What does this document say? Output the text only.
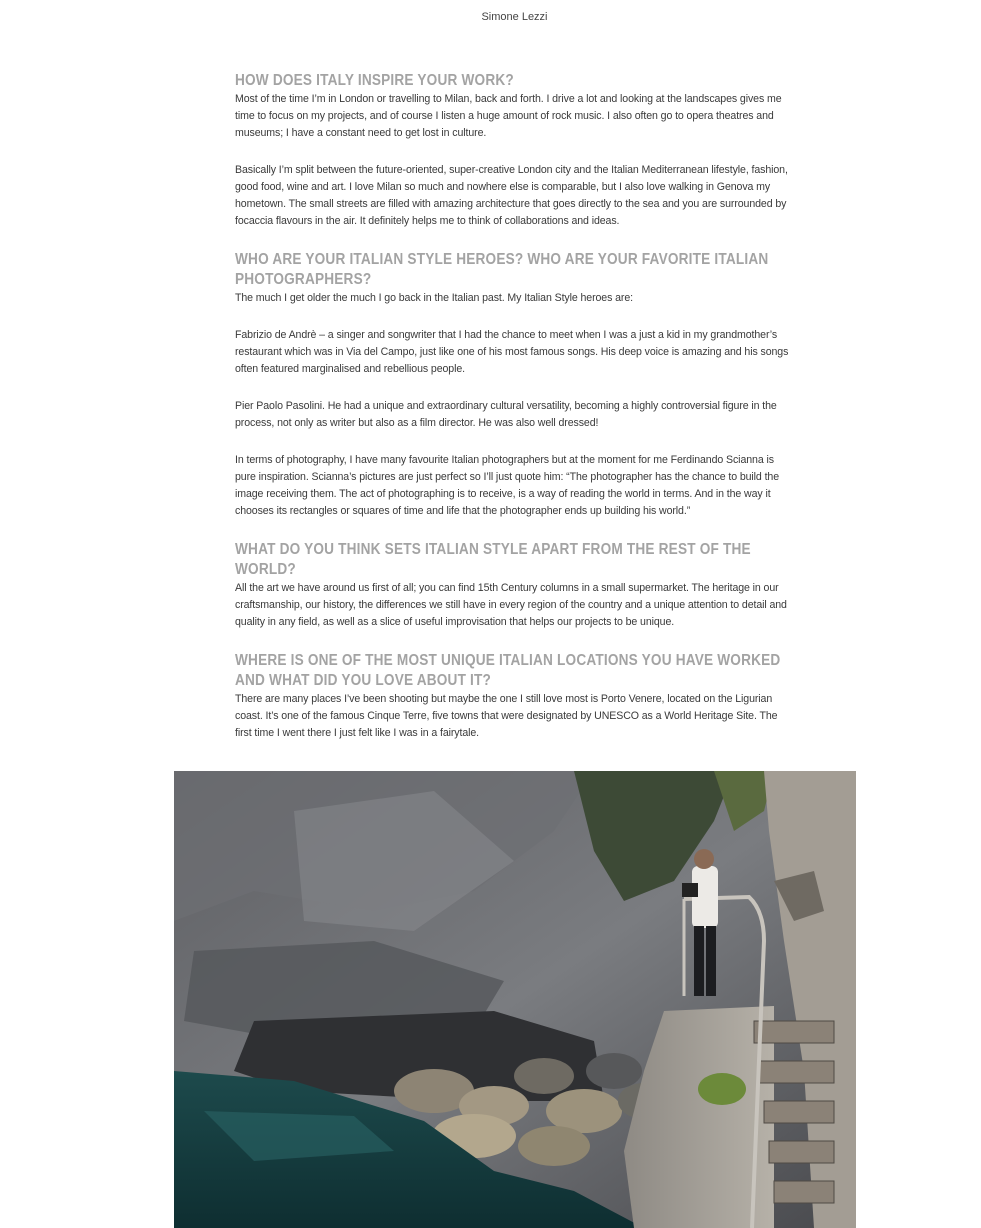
Simone Lezzi
HOW DOES ITALY INSPIRE YOUR WORK?

Most of the time I’m in London or travelling to Milan, back and forth. I drive a lot and looking at the landscapes gives me time to focus on my projects, and of course I listen a huge amount of rock music. I also often go to opera theatres and museums; I have a constant need to get lost in culture.

Basically I’m split between the future-oriented, super-creative London city and the Italian Mediterranean lifestyle, fashion, good food, wine and art. I love Milan so much and nowhere else is comparable, but I also love walking in Genova my hometown. The small streets are filled with amazing architecture that goes directly to the sea and you are surrounded by focaccia flavours in the air. It definitely helps me to think of collaborations and ideas.

WHO ARE YOUR ITALIAN STYLE HEROES? WHO ARE YOUR FAVORITE ITALIAN PHOTOGRAPHERS?

The much I get older the much I go back in the Italian past. My Italian Style heroes are:

Fabrizio de Andrè – a singer and songwriter that I had the chance to meet when I was a just a kid in my grandmother’s restaurant which was in Via del Campo, just like one of his most famous songs. His deep voice is amazing and his songs often featured marginalised and rebellious people.

Pier Paolo Pasolini. He had a unique and extraordinary cultural versatility, becoming a highly controversial figure in the process, not only as writer but also as a film director. He was also well dressed!

In terms of photography, I have many favourite Italian photographers but at the moment for me Ferdinando Scianna is pure inspiration. Scianna’s pictures are just perfect so I’ll just quote him: “The photographer has the chance to build the image receiving them. The act of photographing is to receive, is a way of reading the world in terms. And in the way it chooses its rectangles or squares of time and life that the photographer ends up building his world.”

WHAT DO YOU THINK SETS ITALIAN STYLE APART FROM THE REST OF THE WORLD?

All the art we have around us first of all; you can find 15th Century columns in a small supermarket. The heritage in our craftsmanship, our history, the differences we still have in every region of the country and a unique attention to detail and quality in any field, as well as a slice of useful improvisation that helps our projects to be unique.

WHERE IS ONE OF THE MOST UNIQUE ITALIAN LOCATIONS YOU HAVE WORKED AND WHAT DID YOU LOVE ABOUT IT?

There are many places I’ve been shooting but maybe the one I still love most is Porto Venere, located on the Ligurian coast. It’s one of the famous Cinque Terre, five towns that were designated by UNESCO as a World Heritage Site. The first time I went there I just felt like I was in a fairytale.
